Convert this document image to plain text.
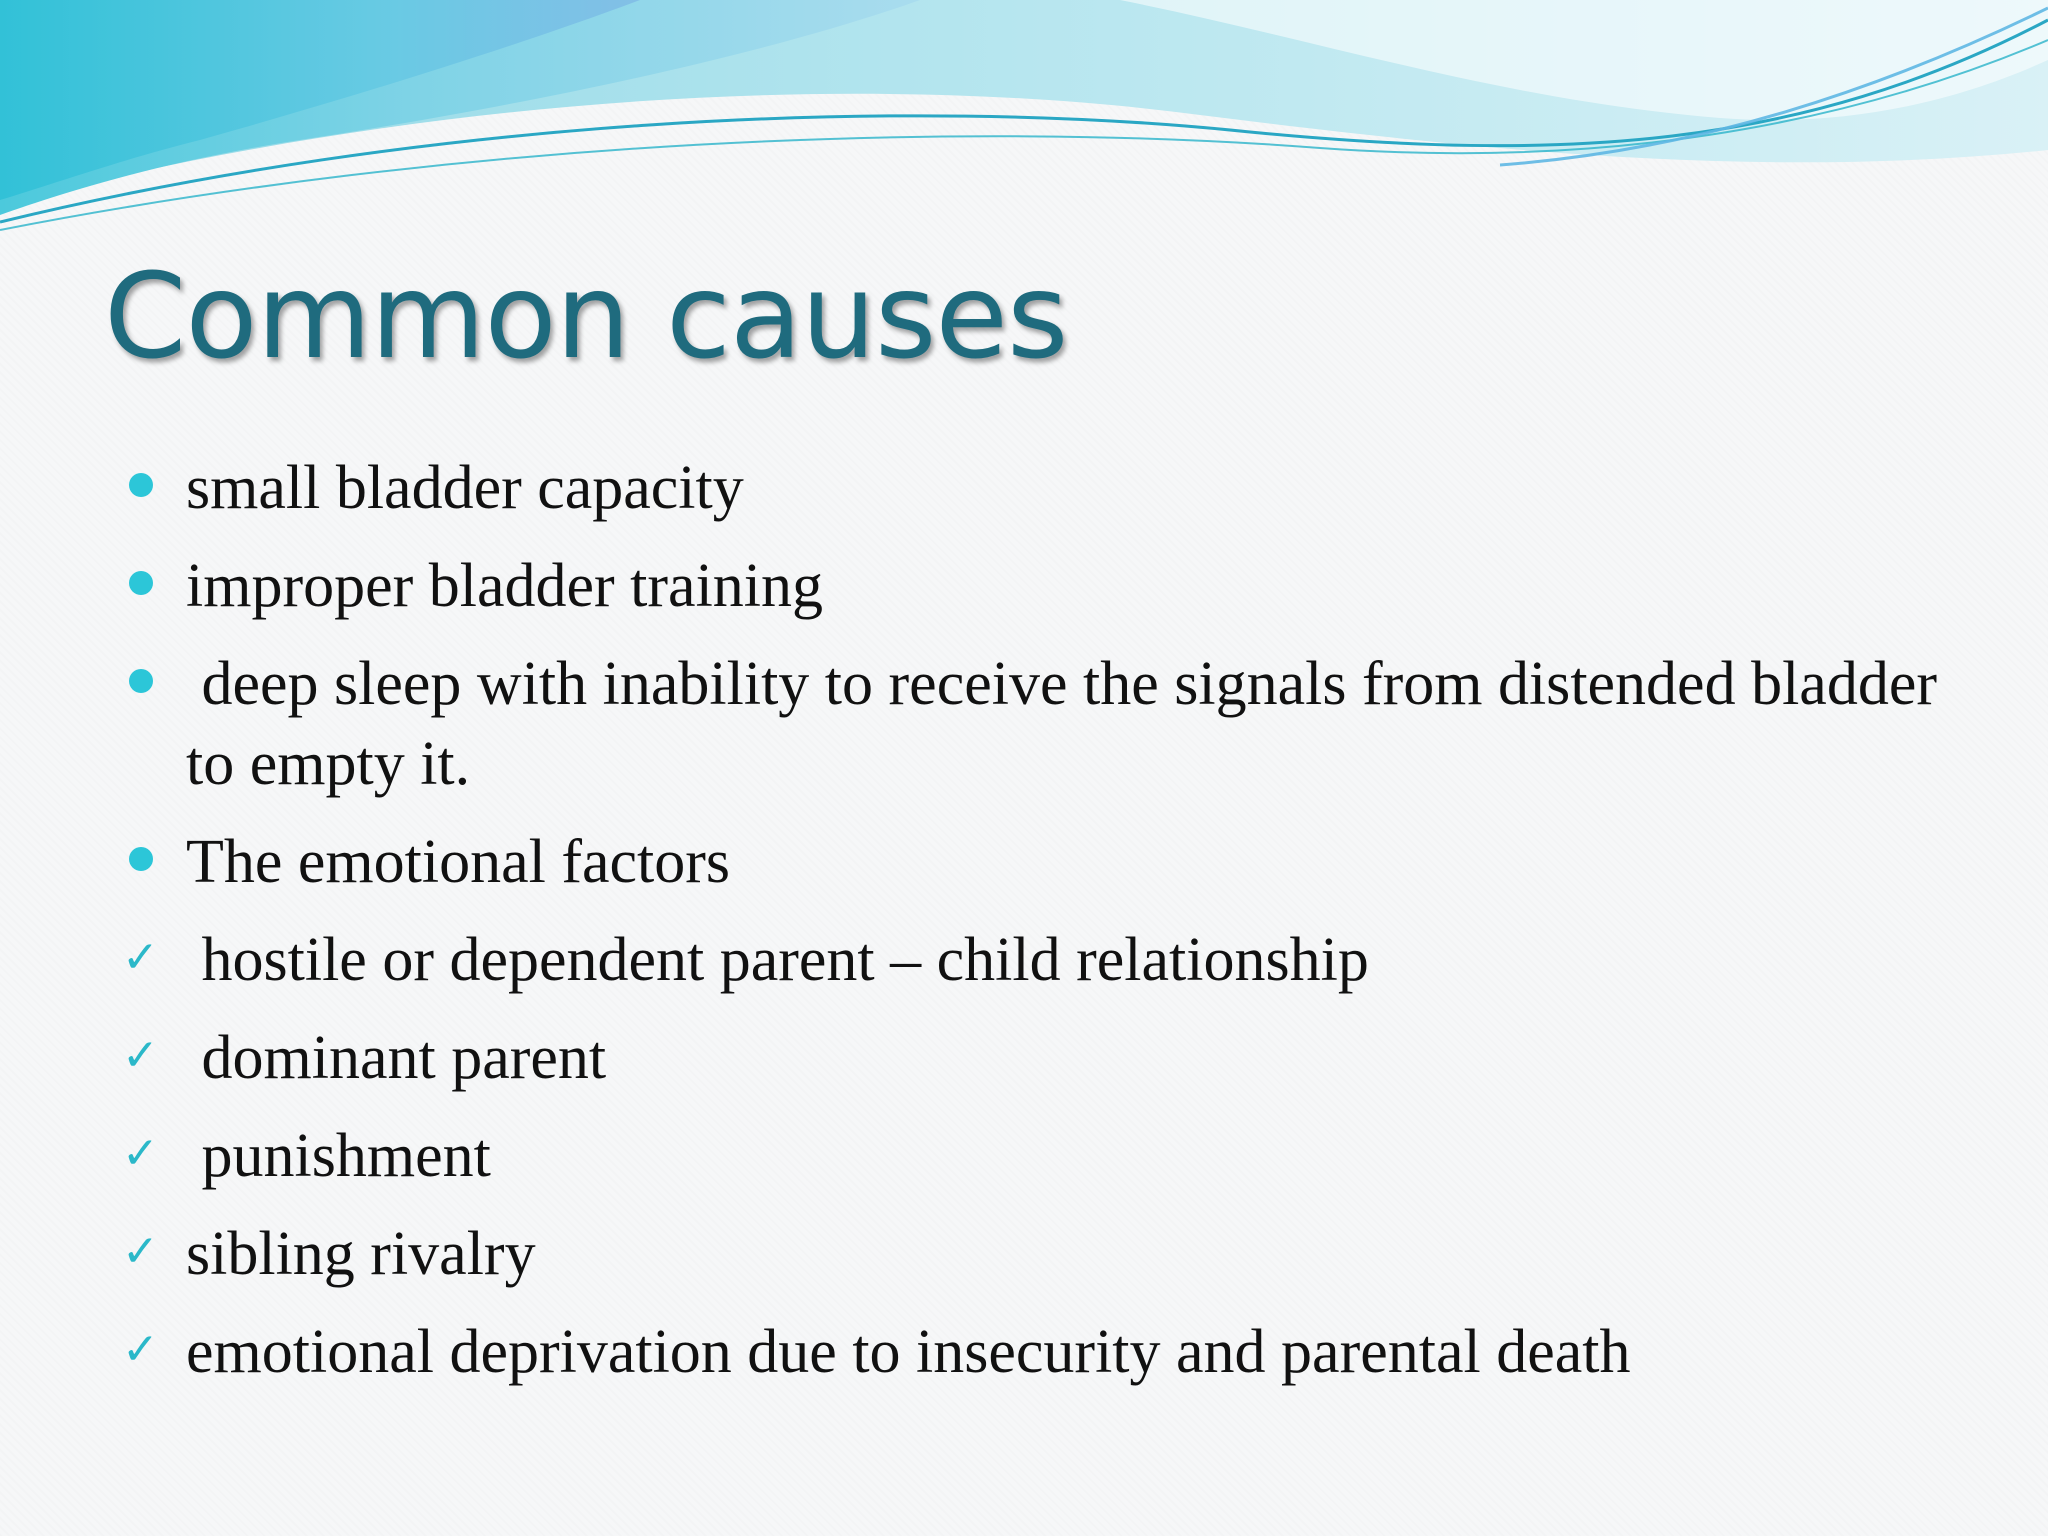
Common causes
small bladder capacity
improper bladder training
deep sleep with inability to receive the signals from distended bladder to empty it.
The emotional factors
✓ hostile or dependent parent – child relationship
✓ dominant parent
✓ punishment
✓ sibling rivalry
✓ emotional deprivation due to insecurity and parental death
